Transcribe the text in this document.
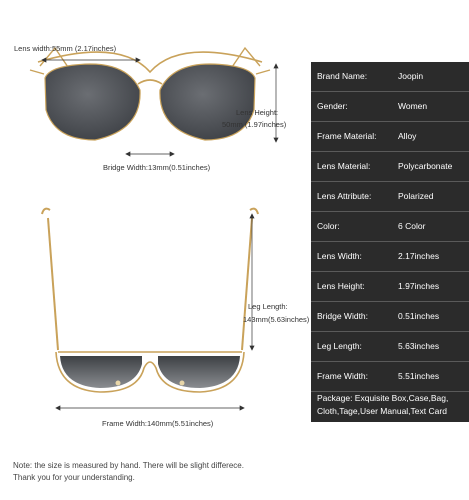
Lens width:55mm (2.17inches)
Lens Height:
50mm (1.97inches)
Bridge Width:13mm(0.51inches)
Leg Length:
143mm(5.63inches)
Frame Width:140mm(5.51inches)
Brand Name:	Joopin
Gender:	Women
Frame Material:	Alloy
Lens Material:	Polycarbonate
Lens Attribute:	Polarized
Color:	6 Color
Lens Width:	2.17inches
Lens Height:	1.97inches
Bridge Width:	0.51inches
Leg Length:	5.63inches
Frame Width:	5.51inches
Package: Exquisite Box,Case,Bag, Cloth,Tage,User Manual,Text Card
Note: the size is measured by hand. There will be slight differece.
Thank you for your understanding.
